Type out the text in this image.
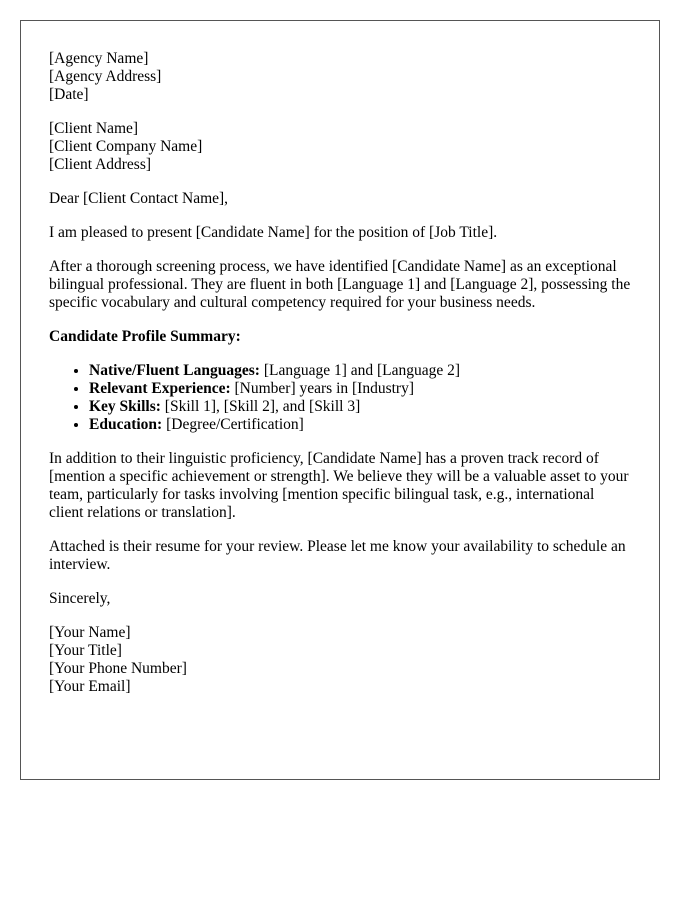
[Agency Name]
[Agency Address]
[Date]
[Client Name]
[Client Company Name]
[Client Address]

Dear [Client Contact Name],

I am pleased to present [Candidate Name] for the position of [Job Title].

After a thorough screening process, we have identified [Candidate Name] as an exceptional bilingual professional. They are fluent in both [Language 1] and [Language 2], possessing the specific vocabulary and cultural competency required for your business needs.

Candidate Profile Summary:
• Native/Fluent Languages: [Language 1] and [Language 2]
• Relevant Experience: [Number] years in [Industry]
• Key Skills: [Skill 1], [Skill 2], and [Skill 3]
• Education: [Degree/Certification]

In addition to their linguistic proficiency, [Candidate Name] has a proven track record of [mention a specific achievement or strength]. We believe they will be a valuable asset to your team, particularly for tasks involving [mention specific bilingual task, e.g., international client relations or translation].

Attached is their resume for your review. Please let me know your availability to schedule an interview.

Sincerely,

[Your Name]
[Your Title]
[Your Phone Number]
[Your Email]
